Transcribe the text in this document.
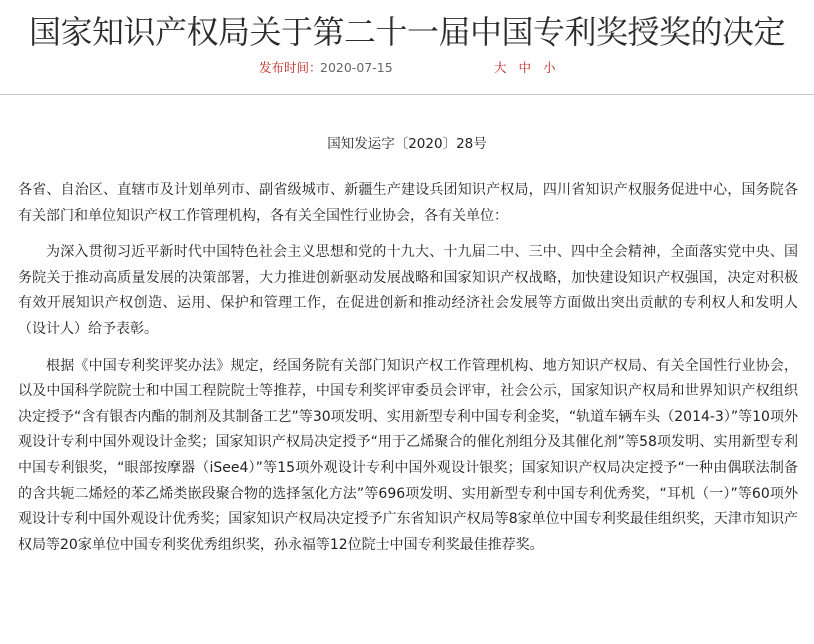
国家知识产权局关于第二十一届中国专利奖授奖的决定
发布时间：
2020-07-15	大 中 小
国知发运字〔2020〕28号

各省、自治区、直辖市及计划单列市、副省级城市、新疆生产建设兵团知识产权局，四川省知识产权服务促进中心，国务院各有关部门和单位知识产权工作管理机构，各有关全国性行业协会，各有关单位：

为深入贯彻习近平新时代中国特色社会主义思想和党的十九大、十九届二中、三中、四中全会精神，全面落实党中央、国务院关于推动高质量发展的决策部署，大力推进创新驱动发展战略和国家知识产权战略，加快建设知识产权强国，决定对积极有效开展知识产权创造、运用、保护和管理工作，在促进创新和推动经济社会发展等方面做出突出贡献的专利权人和发明人（设计人）给予表彰。

根据《中国专利奖评奖办法》规定，经国务院有关部门知识产权工作管理机构、地方知识产权局、有关全国性行业协会，以及中国科学院院士和中国工程院院士等推荐，中国专利奖评审委员会评审，社会公示，国家知识产权局和世界知识产权组织决定授予“含有银杏内酯的制剂及其制备工艺”等30项发明、实用新型专利中国专利金奖，“轨道车辆车头（2014-3）”等10项外观设计专利中国外观设计金奖；国家知识产权局决定授予“用于乙烯聚合的催化剂组分及其催化剂”等58项发明、实用新型专利中国专利银奖，“眼部按摩器（iSee4）”等15项外观设计专利中国外观设计银奖；国家知识产权局决定授予“一种由偶联法制备的含共轭二烯烃的苯乙烯类嵌段聚合物的选择氢化方法”等696项发明、实用新型专利中国专利优秀奖，“耳机（一）”等60项外观设计专利中国外观设计优秀奖；国家知识产权局决定授予广东省知识产权局等8家单位中国专利奖最佳组织奖，天津市知识产权局等20家单位中国专利奖优秀组织奖，孙永福等12位院士中国专利奖最佳推荐奖。
